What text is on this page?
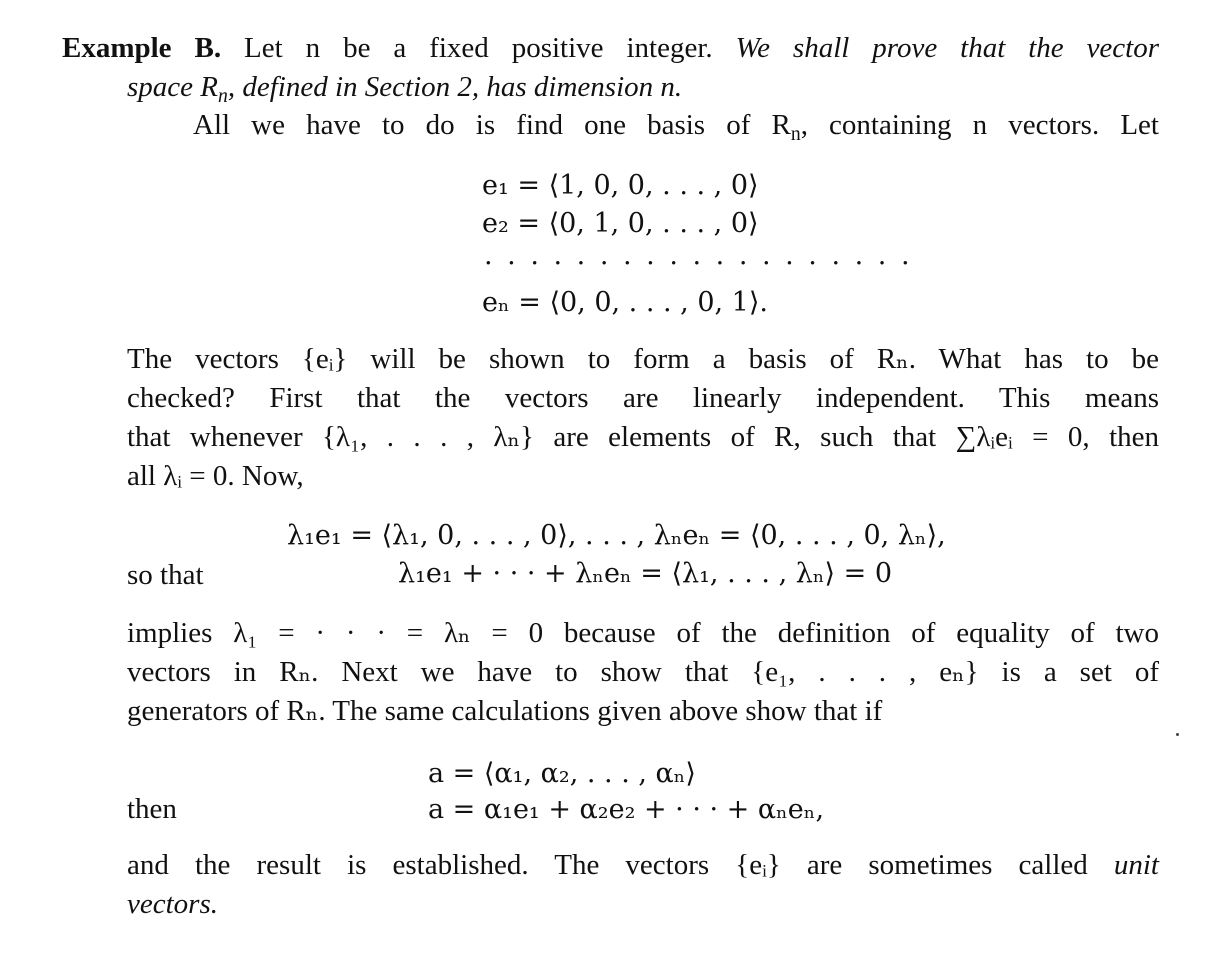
Example B. Let n be a fixed positive integer. We shall prove that the vector
space $R_n$, defined in Section 2, has dimension n.
All we have to do is find one basis of $R_n$, containing n vectors. Let
e₁ = ⟨1, 0, 0, . . . , 0⟩
e₂ = ⟨0, 1, 0, . . . , 0⟩
. . . . . . . . . . . . . . . . . . .
eₙ = ⟨0, 0, . . . , 0, 1⟩.
The vectors {eᵢ} will be shown to form a basis of Rₙ. What has to be
checked? First that the vectors are linearly independent. This means
that whenever {λ₁, . . . , λₙ} are elements of R, such that ∑λᵢeᵢ = 0, then
all λᵢ = 0. Now,
λ₁e₁ = ⟨λ₁, 0, . . . , 0⟩, . . . , λₙeₙ = ⟨0, . . . , 0, λₙ⟩,
so that	λ₁e₁ + · · · + λₙeₙ = ⟨λ₁, . . . , λₙ⟩ = 0
implies λ₁ = · · · = λₙ = 0 because of the definition of equality of two
vectors in Rₙ. Next we have to show that {e₁, . . . , eₙ} is a set of
generators of Rₙ. The same calculations given above show that if
a = ⟨α₁, α₂, . . . , αₙ⟩
then	a = α₁e₁ + α₂e₂ + · · · + αₙeₙ,
and the result is established. The vectors {eᵢ} are sometimes called unit
vectors.
